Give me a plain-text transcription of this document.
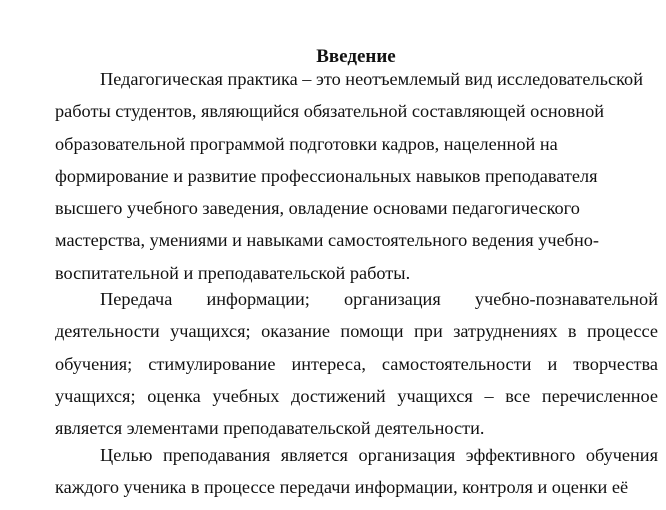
Введение

Педагогическая практика – это неотъемлемый вид исследовательской работы студентов, являющийся обязательной составляющей основной образовательной программой подготовки кадров, нацеленной на формирование и развитие профессиональных навыков преподавателя высшего учебного заведения, овладение основами педагогического мастерства, умениями и навыками самостоятельного ведения учебно-воспитательной и преподавательской работы.

Передача информации; организация учебно-познавательной деятельности учащихся; оказание помощи при затруднениях в процессе обучения; стимулирование интереса, самостоятельности и творчества учащихся; оценка учебных достижений учащихся – все перечисленное является элементами преподавательской деятельности.

Целью преподавания является организация эффективного обучения каждого ученика в процессе передачи информации, контроля и оценки её
